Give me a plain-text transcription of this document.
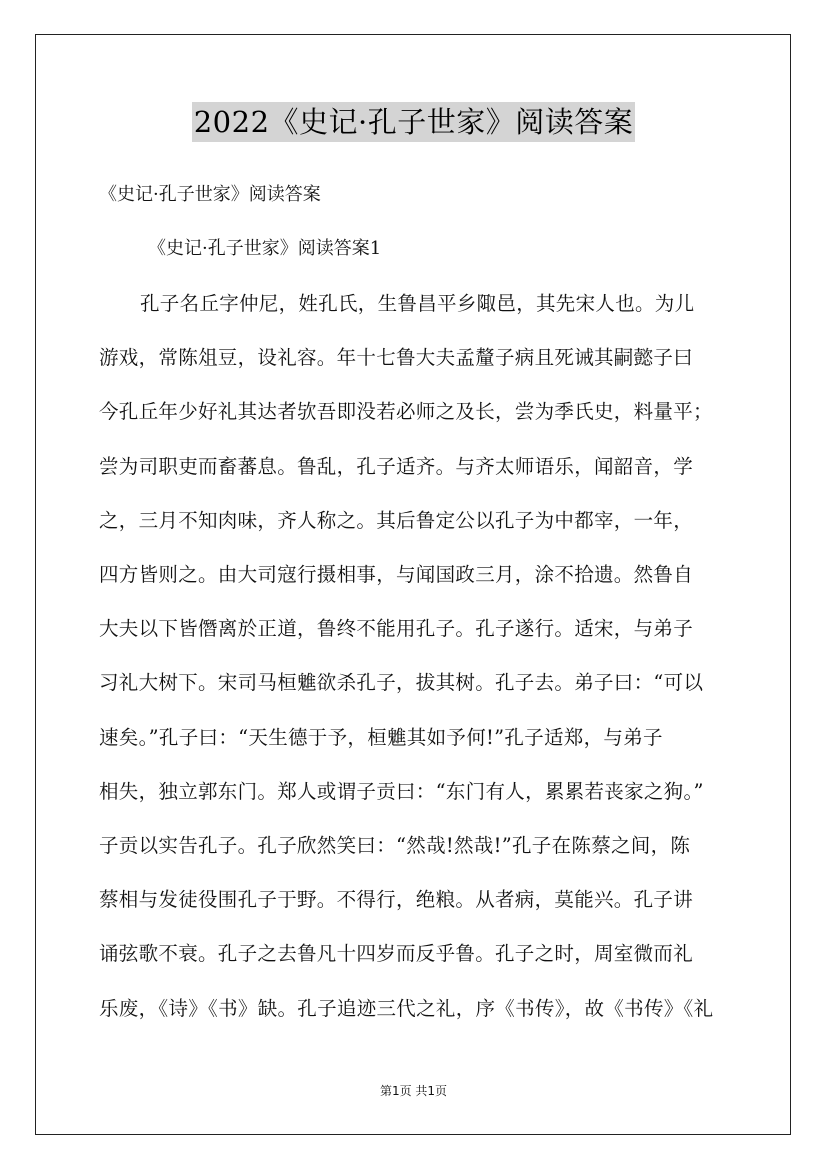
2022《史记·孔子世家》阅读答案
《史记·孔子世家》阅读答案
《史记·孔子世家》阅读答案1
孔子名丘字仲尼，姓孔氏，生鲁昌平乡陬邑，其先宋人也。为儿
游戏，常陈俎豆，设礼容。年十七鲁大夫孟釐子病且死诫其嗣懿子曰
今孔丘年少好礼其达者欤吾即没若必师之及长，尝为季氏史，料量平；
尝为司职吏而畜蕃息。鲁乱，孔子适齐。与齐太师语乐，闻韶音，学
之，三月不知肉味，齐人称之。其后鲁定公以孔子为中都宰，一年，
四方皆则之。由大司寇行摄相事，与闻国政三月，涂不拾遗。然鲁自
大夫以下皆僭离於正道，鲁终不能用孔子。孔子遂行。适宋，与弟子
习礼大树下。宋司马桓魋欲杀孔子，拔其树。孔子去。弟子曰：“可以
速矣。”孔子曰：“天生德于予，桓魋其如予何!”孔子适郑，与弟子
相失，独立郭东门。郑人或谓子贡曰：“东门有人，累累若丧家之狗。”
子贡以实告孔子。孔子欣然笑曰：“然哉!然哉!”孔子在陈蔡之间，陈
蔡相与发徒役围孔子于野。不得行，绝粮。从者病，莫能兴。孔子讲
诵弦歌不衰。孔子之去鲁凡十四岁而反乎鲁。孔子之时，周室微而礼
乐废，《诗》《书》缺。孔子追迹三代之礼，序《书传》，故《书传》《礼
第1页 共1页
